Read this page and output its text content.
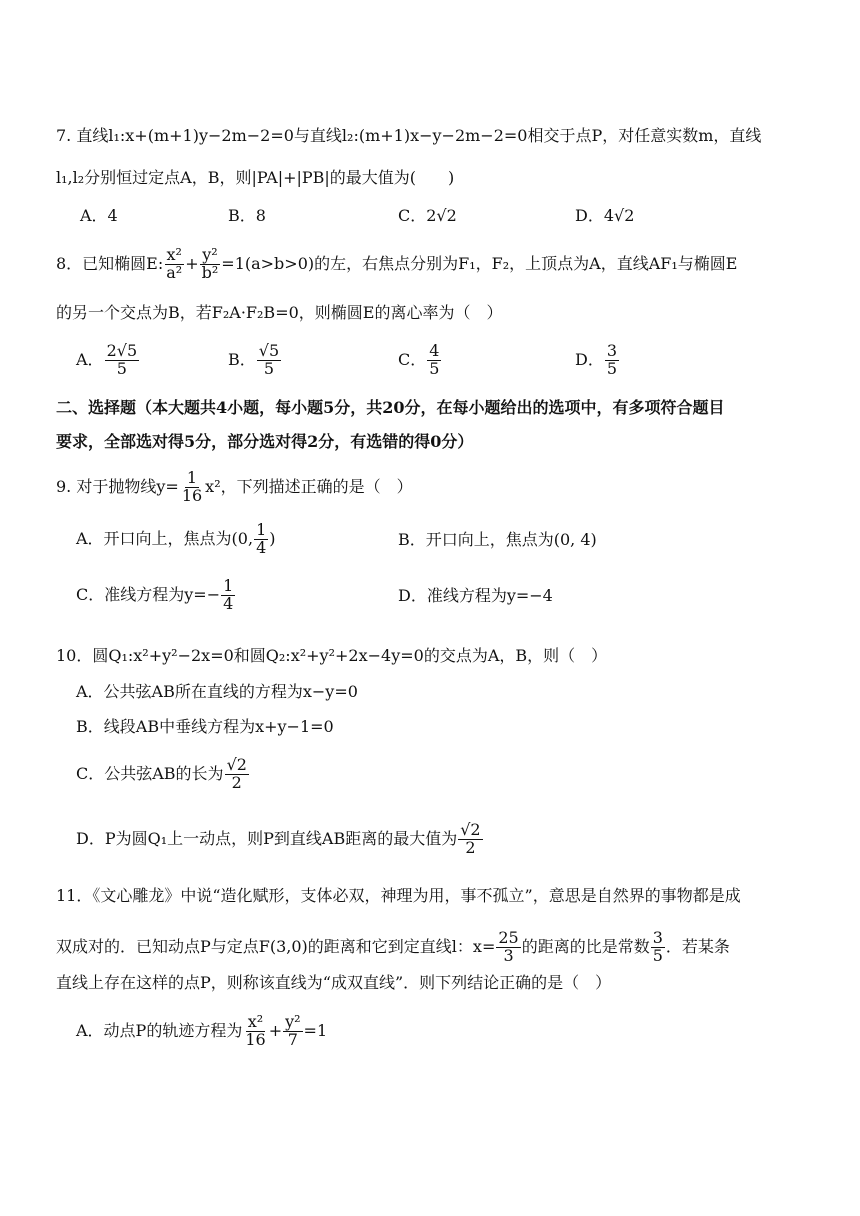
7. 直线l₁:x+(m+1)y−2m−2=0与直线l₂:(m+1)x−y−2m−2=0相交于点P，对任意实数m，直线
l₁,l₂分别恒过定点A，B，则|PA|+|PB|的最大值为(　　)
A．4	B．8	C．2√2	D．4√2
8．已知椭圆E: $\frac{\text{x²}}{\text{a²}} + \frac{\text{y²}}{\text{b²}} =1(a>b>0)$的左，右焦点分别为F₁，F₂，上顶点为A，直线AF₁与椭圆E
的另一个交点为B，若F₂A·F₂B=0，则椭圆E的离心率为（　）
A． $\frac{2√5}{5}$	B． $\frac{√5}{5}$	C． $\frac{4}{5}$	D． $\frac{3}{5}$
二、选择题（本大题共4小题，每小题5分，共20分，在每小题给出的选项中，有多项符合题目
要求，全部选对得5分，部分选对得2分，有选错的得0分）
9. 对于抛物线$y= \frac{1}{16} x^2$，下列描述正确的是（　）
A．开口向上，焦点为(0, $\frac{1}{4}$ )	B．开口向上，焦点为(0, 4)
C．准线方程为$y=- \frac{1}{4}$	D．准线方程为y=−4
10．圆Q₁:x²+y²−2x=0和圆Q₂:x²+y²+2x−4y=0的交点为A，B，则（　）
A．公共弦AB所在直线的方程为x−y=0
B．线段AB中垂线方程为x+y−1=0
C．公共弦AB的长为 $\frac{√2}{2}$
D．P为圆Q₁上一动点，则P到直线AB距离的最大值为 $\frac{√2}{2}$
11．《文心雕龙》中说“造化赋形，支体必双，神理为用，事不孤立”，意思是自然界的事物都是成
双成对的．已知动点P与定点F(3,0)的距离和它到定直线l：$x= \frac{25}{3}$ 的距离的比是常数 $\frac{3}{5}$ ．若某条
直线上存在这样的点P，则称该直线为“成双直线”．则下列结论正确的是（　）
A．动点P的轨迹方程为 $\frac{\text{x²}}{16} + \frac{\text{y²}}{7} =1$
